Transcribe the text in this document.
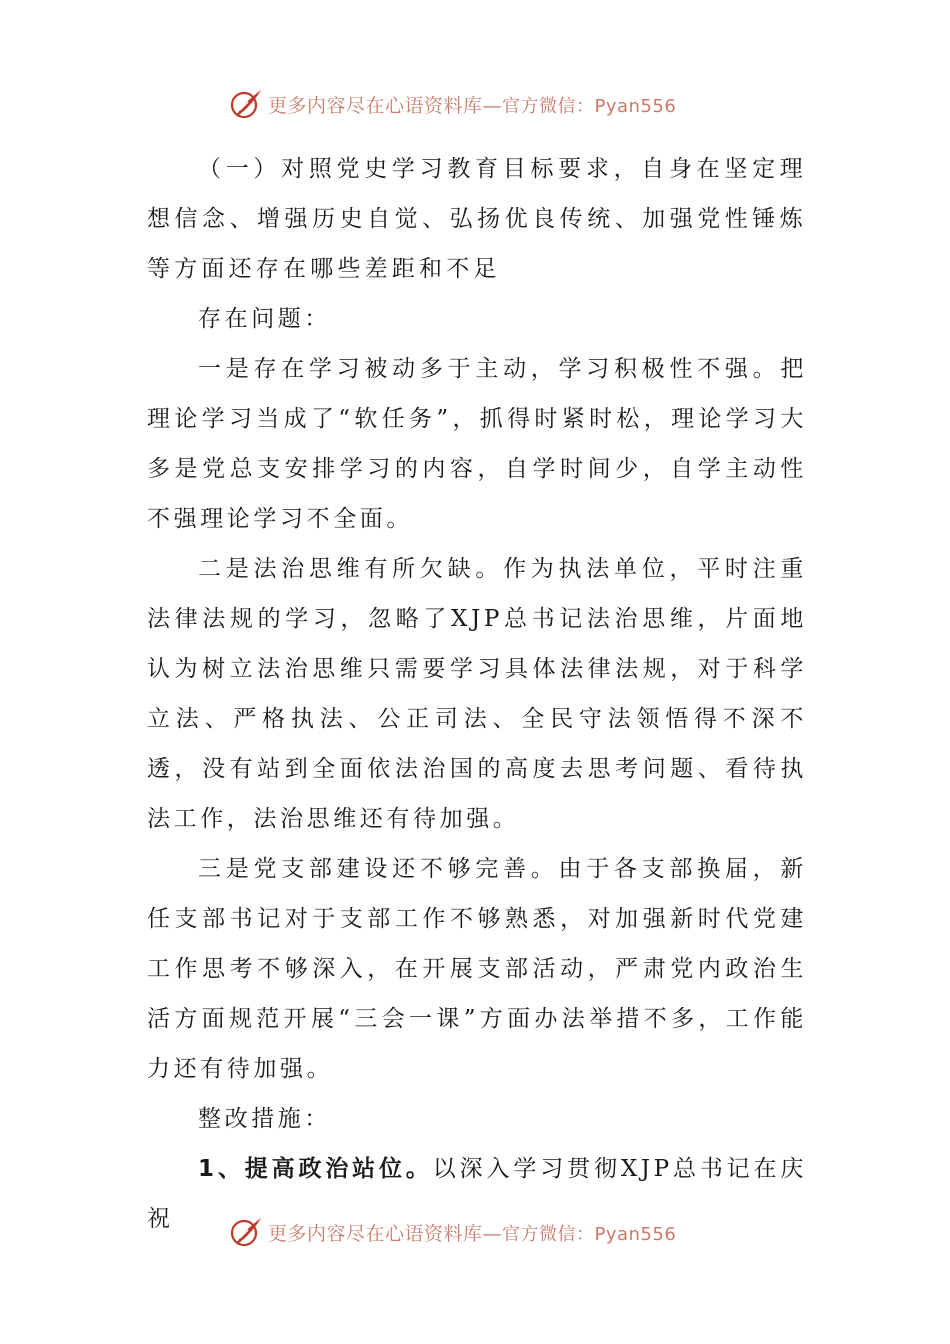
更多内容尽在心语资料库—官方微信：Pyan556

（一）对照党史学习教育目标要求，自身在坚定理想信念、增强历史自觉、弘扬优良传统、加强党性锤炼等方面还存在哪些差距和不足

存在问题：

一是存在学习被动多于主动，学习积极性不强。把理论学习当成了“软任务”，抓得时紧时松，理论学习大多是党总支安排学习的内容，自学时间少，自学主动性不强理论学习不全面。

二是法治思维有所欠缺。作为执法单位，平时注重法律法规的学习，忽略了XJP总书记法治思维，片面地认为树立法治思维只需要学习具体法律法规，对于科学立法、严格执法、公正司法、全民守法领悟得不深不透，没有站到全面依法治国的高度去思考问题、看待执法工作，法治思维还有待加强。

三是党支部建设还不够完善。由于各支部换届，新任支部书记对于支部工作不够熟悉，对加强新时代党建工作思考不够深入，在开展支部活动，严肃党内政治生活方面规范开展“三会一课”方面办法举措不多，工作能力还有待加强。

整改措施：

1、提高政治站位。以深入学习贯彻XJP总书记在庆祝

更多内容尽在心语资料库—官方微信：Pyan556
